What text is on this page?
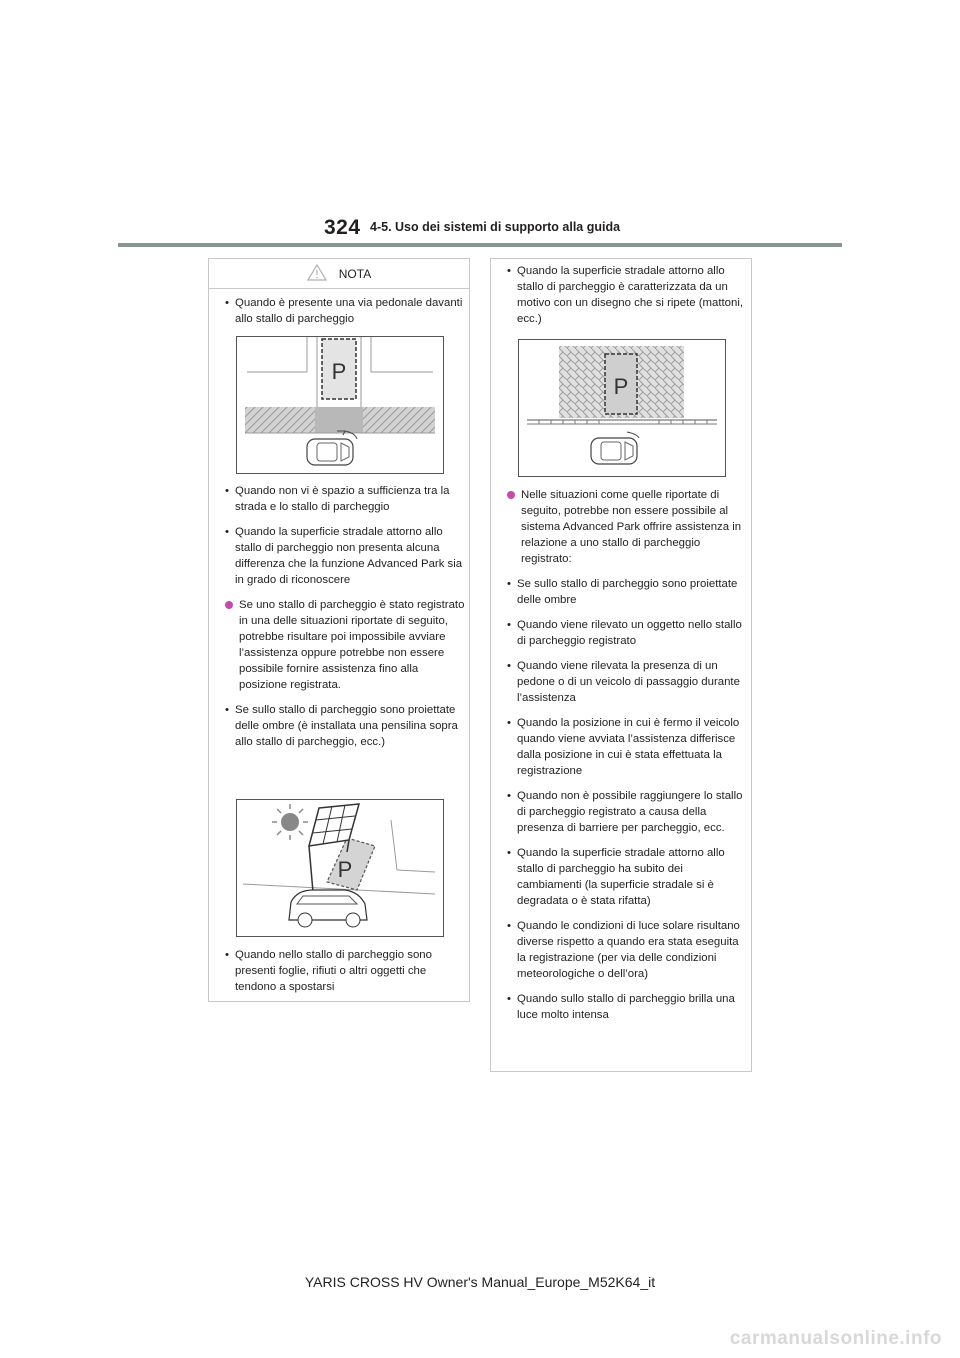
324 4-5. Uso dei sistemi di supporto alla guida
NOTA
• Quando è presente una via pedonale davanti allo stallo di parcheggio
P
• Quando non vi è spazio a sufficienza tra la strada e lo stallo di parcheggio
• Quando la superficie stradale attorno allo stallo di parcheggio non presenta alcuna differenza che la funzione Advanced Park sia in grado di riconoscere
Se uno stallo di parcheggio è stato registrato in una delle situazioni riportate di seguito, potrebbe risultare poi impossibile avviare l’assistenza oppure potrebbe non essere possibile fornire assistenza fino alla posizione registrata.
• Se sullo stallo di parcheggio sono proiettate delle ombre (è installata una pensilina sopra allo stallo di parcheggio, ecc.)
P
• Quando nello stallo di parcheggio sono presenti foglie, rifiuti o altri oggetti che tendono a spostarsi
• Quando la superficie stradale attorno allo stallo di parcheggio è caratterizzata da un motivo con un disegno che si ripete (mattoni, ecc.)
P
Nelle situazioni come quelle riportate di seguito, potrebbe non essere possibile al sistema Advanced Park offrire assistenza in relazione a uno stallo di parcheggio registrato:
• Se sullo stallo di parcheggio sono proiettate delle ombre
• Quando viene rilevato un oggetto nello stallo di parcheggio registrato
• Quando viene rilevata la presenza di un pedone o di un veicolo di passaggio durante l’assistenza
• Quando la posizione in cui è fermo il veicolo quando viene avviata l’assistenza differisce dalla posizione in cui è stata effettuata la registrazione
• Quando non è possibile raggiungere lo stallo di parcheggio registrato a causa della presenza di barriere per parcheggio, ecc.
• Quando la superficie stradale attorno allo stallo di parcheggio ha subito dei cambiamenti (la superficie stradale si è degradata o è stata rifatta)
• Quando le condizioni di luce solare risultano diverse rispetto a quando era stata eseguita la registrazione (per via delle condizioni meteorologiche o dell’ora)
• Quando sullo stallo di parcheggio brilla una luce molto intensa
YARIS CROSS HV Owner's Manual_Europe_M52K64_it
carmanualsonline.info
